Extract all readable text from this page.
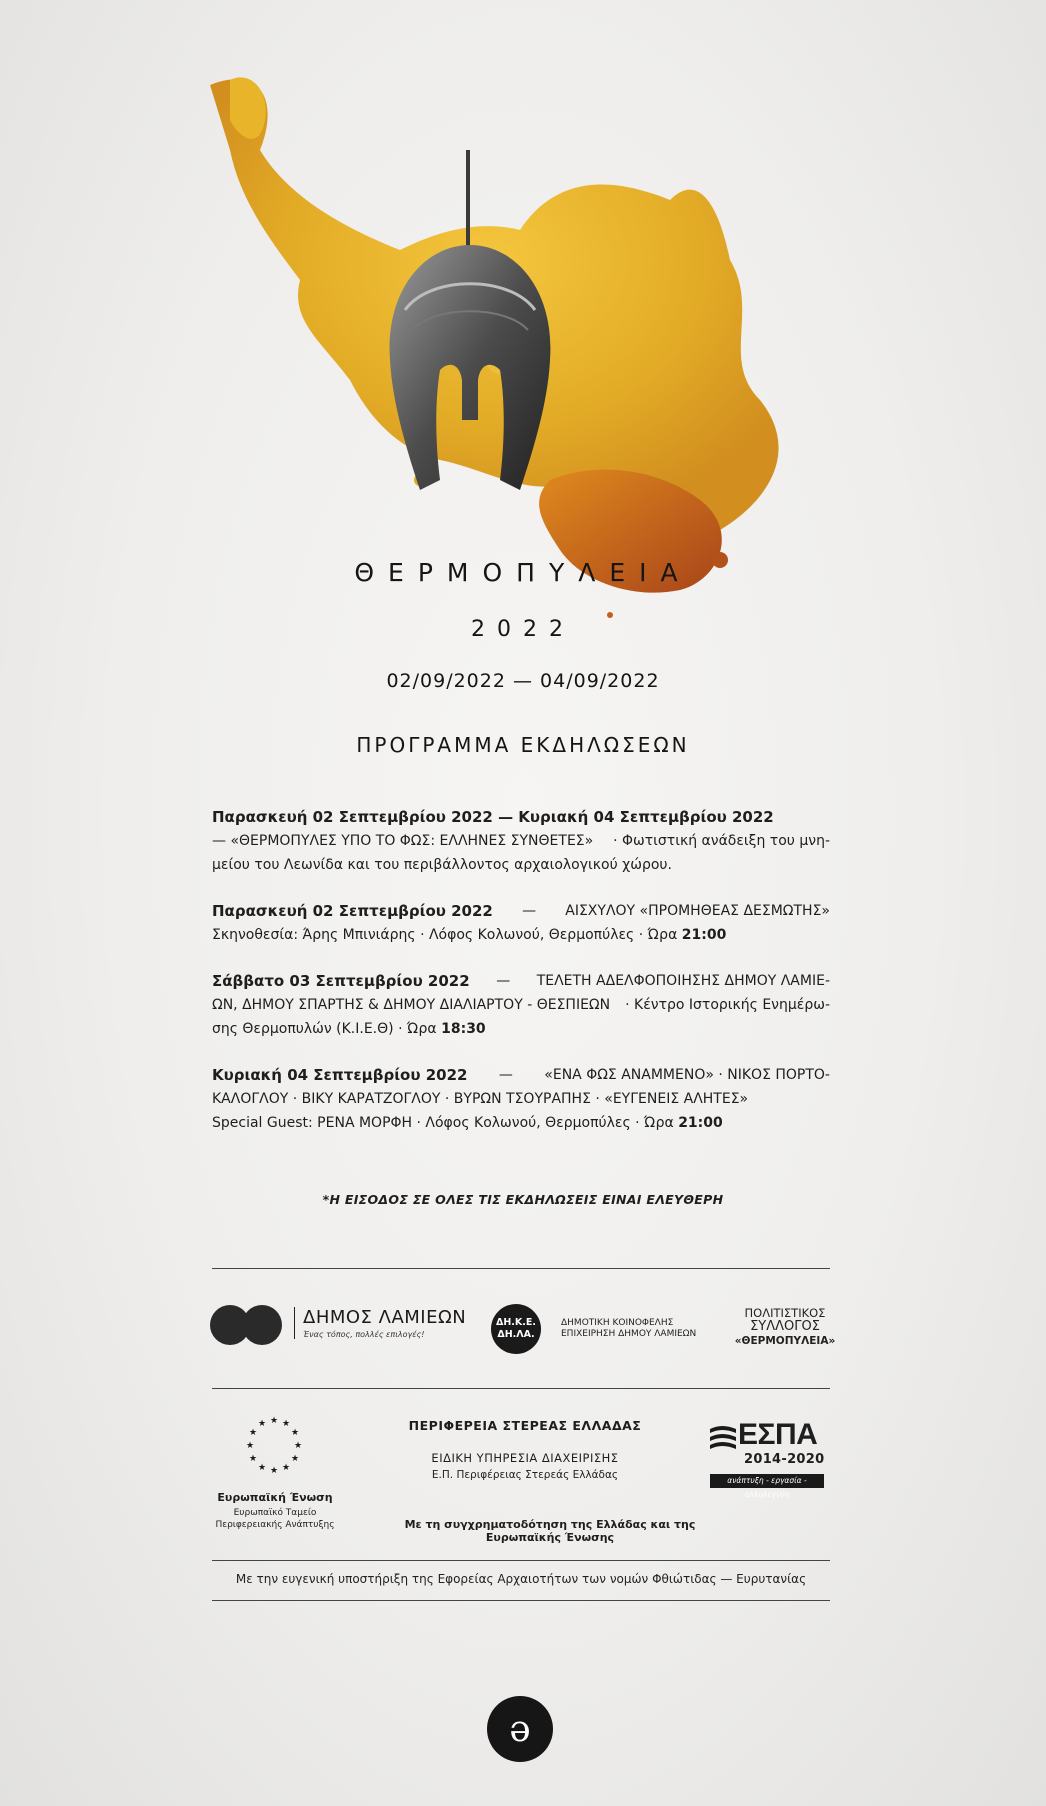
ΘΕΡΜΟΠΥΛΕΙΑ
2022
02/09/2022 — 04/09/2022
ΠΡΟΓΡΑΜΜΑ ΕΚΔΗΛΩΣΕΩΝ
Παρασκευή 02 Σεπτεμβρίου 2022 — Κυριακή 04 Σεπτεμβρίου 2022
— «ΘΕΡΜΟΠΥΛΕΣ ΥΠΟ ΤΟ ΦΩΣ: ΕΛΛΗΝΕΣ ΣΥΝΘΕΤΕΣ» · Φωτιστική ανάδειξη του μνη-
μείου του Λεωνίδα και του περιβάλλοντος αρχαιολογικού χώρου.
Παρασκευή 02 Σεπτεμβρίου 2022 — ΑΙΣΧΥΛΟΥ «ΠΡΟΜΗΘΕΑΣ ΔΕΣΜΩΤΗΣ»
Σκηνοθεσία: Άρης Μπινιάρης · Λόφος Κολωνού, Θερμοπύλες · Ώρα 21:00
Σάββατο 03 Σεπτεμβρίου 2022 — ΤΕΛΕΤΗ ΑΔΕΛΦΟΠΟΙΗΣΗΣ ΔΗΜΟΥ ΛΑΜΙΕ-
ΩΝ, ΔΗΜΟΥ ΣΠΑΡΤΗΣ & ΔΗΜΟΥ ΔΙΑΛΙΑΡΤΟΥ - ΘΕΣΠΙΕΩΝ · Κέντρο Ιστορικής Ενημέρω-
σης Θερμοπυλών (Κ.Ι.Ε.Θ) · Ώρα 18:30
Κυριακή 04 Σεπτεμβρίου 2022 — «ΕΝΑ ΦΩΣ ΑΝΑΜΜΕΝΟ» · ΝΙΚΟΣ ΠΟΡΤΟ-
ΚΑΛΟΓΛΟΥ · ΒΙΚΥ ΚΑΡΑΤΖΟΓΛΟΥ · ΒΥΡΩΝ ΤΣΟΥΡΑΠΗΣ · «ΕΥΓΕΝΕΙΣ ΑΛΗΤΕΣ»
Special Guest: ΡΕΝΑ ΜΟΡΦΗ · Λόφος Κολωνού, Θερμοπύλες · Ώρα 21:00
*Η ΕΙΣΟΔΟΣ ΣΕ ΟΛΕΣ ΤΙΣ ΕΚΔΗΛΩΣΕΙΣ ΕΙΝΑΙ ΕΛΕΥΘΕΡΗ
ΔΗΜΟΣ ΛΑΜΙΕΩΝ
Ένας τόπος, πολλές επιλογές!
ΔΗ.Κ.Ε.
ΔΗ.ΛΑ.
ΔΗΜΟΤΙΚΗ ΚΟΙΝΟΦΕΛΗΣ
ΕΠΙΧΕΙΡΗΣΗ ΔΗΜΟΥ ΛΑΜΙΕΩΝ
ΠΟΛΙΤΙΣΤΙΚΟΣ
ΣΥΛΛΟΓΟΣ
«ΘΕΡΜΟΠΥΛΕΙΑ»
★ ★
★
★
★
★
★
★
★
★
★
★
Ευρωπαϊκή Ένωση
Ευρωπαϊκό Ταμείο
Περιφερειακής Ανάπτυξης
ΠΕΡΙΦΕΡΕΙΑ ΣΤΕΡΕΑΣ ΕΛΛΑΔΑΣ
ΕΙΔΙΚΗ ΥΠΗΡΕΣΙΑ ΔΙΑΧΕΙΡΙΣΗΣ
Ε.Π. Περιφέρειας Στερεάς Ελλάδας
Με τη συγχρηματοδότηση της Ελλάδας και της Ευρωπαϊκής Ένωσης
ΕΣΠΑ
2014-2020
ανάπτυξη - εργασία - αλληλεγγύη
Με την ευγενική υποστήριξη της Εφορείας Αρχαιοτήτων των νομών Φθιώτιδας — Ευρυτανίας
ə
